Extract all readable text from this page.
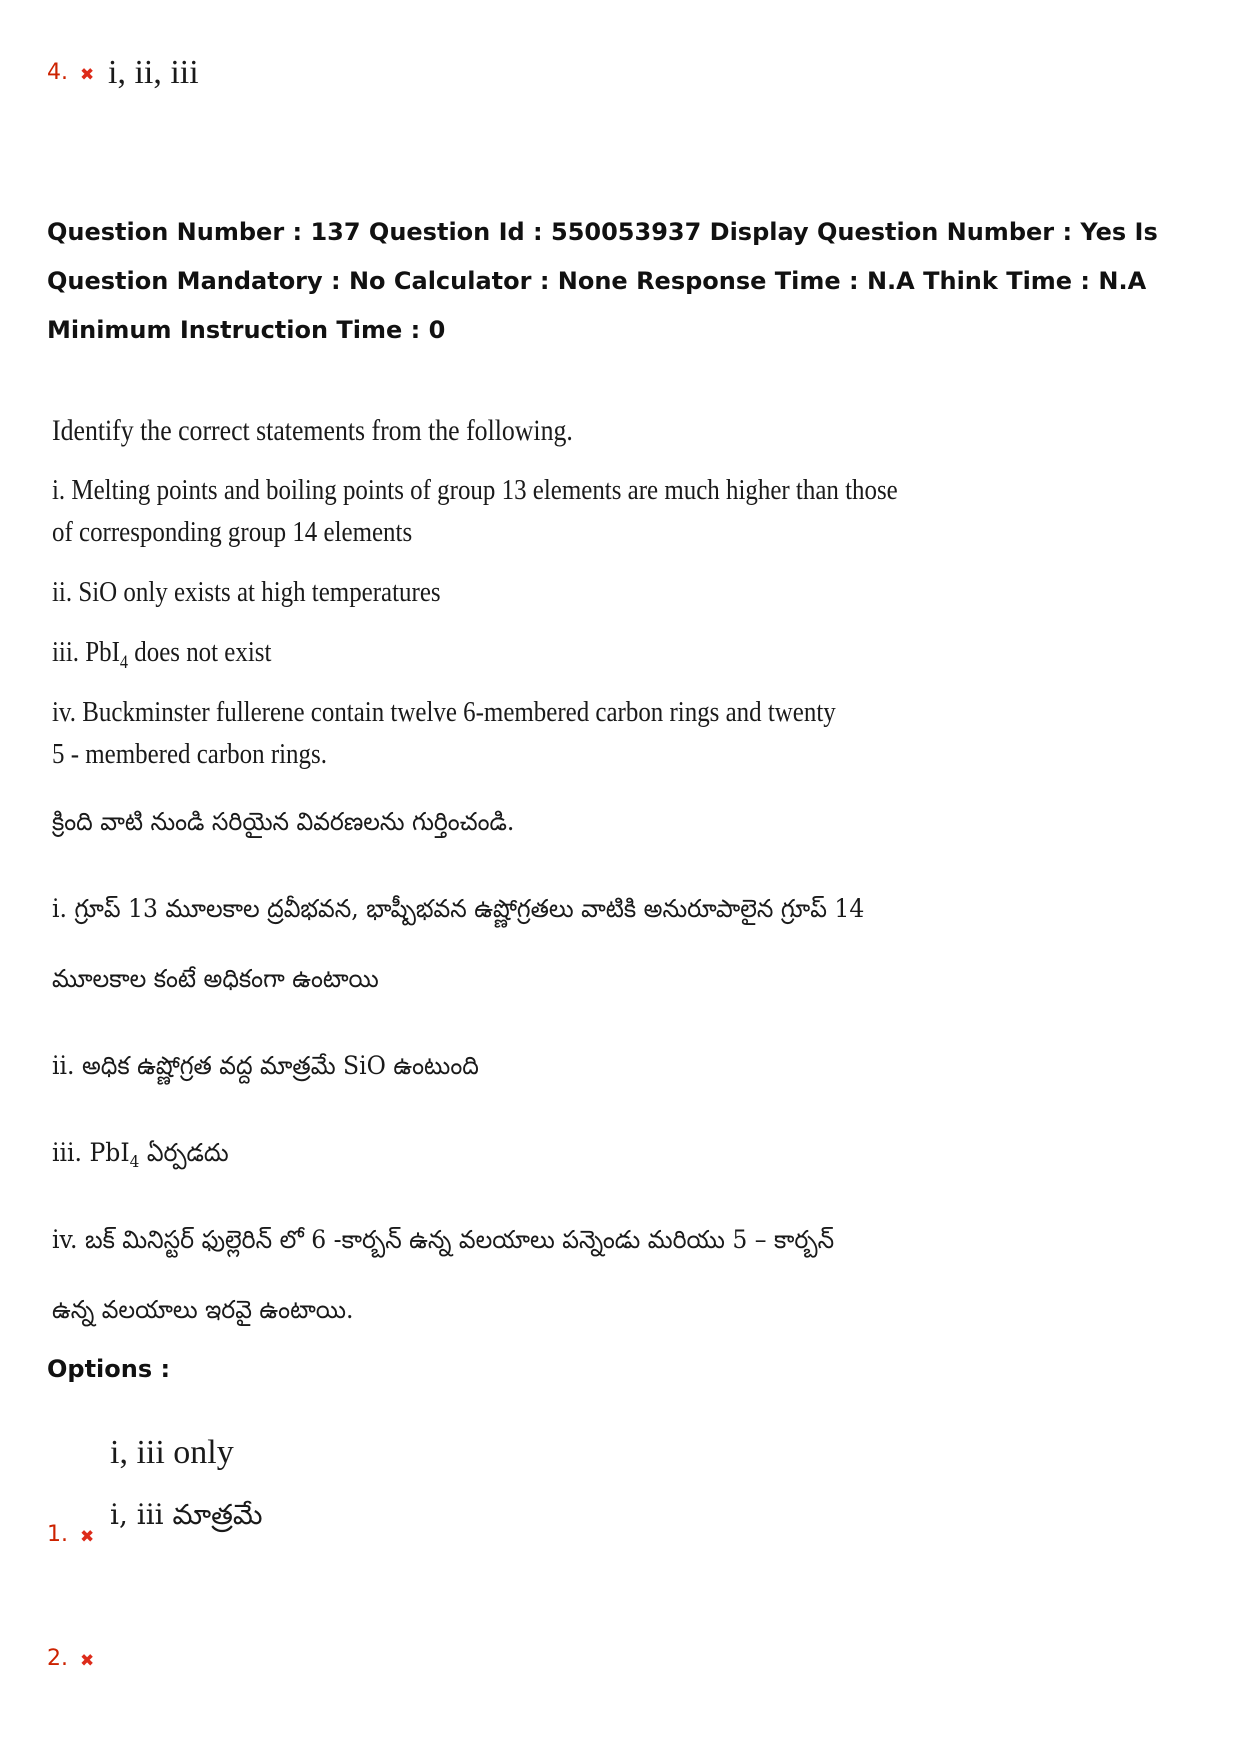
4. ✖ i, ii, iii
Question Number : 137 Question Id : 550053937 Display Question Number : Yes Is Question Mandatory : No Calculator : None Response Time : N.A Think Time : N.A Minimum Instruction Time : 0
Identify the correct statements from the following.
i. Melting points and boiling points of group 13 elements are much higher than those
of corresponding group 14 elements
ii. SiO only exists at high temperatures
iii. PbI$_4$ does not exist
iv. Buckminster fullerene contain twelve 6-membered carbon rings and twenty
5 - membered carbon rings.
క్రింది వాటి నుండి సరియైన వివరణలను గుర్తించండి.
i. గ్రూప్ 13 మూలకాల ద్రవీభవన, భాష్పీభవన ఉష్ణోగ్రతలు వాటికి అనురూపాలైన గ్రూప్ 14
మూలకాల కంటే అధికంగా ఉంటాయి
ii. అధిక ఉష్ణోగ్రత వద్ద మాత్రమే SiO ఉంటుంది
iii. PbI$_4$ ఏర్పడదు
iv. బక్ మినిస్టర్ ఫుల్లెరిన్ లో 6 -కార్బన్ ఉన్న వలయాలు పన్నెండు మరియు 5 – కార్బన్
ఉన్న వలయాలు ఇరవై ఉంటాయి.
Options :
i, iii only
i, iii మాత్రమే
1. ✖
2. ✖
